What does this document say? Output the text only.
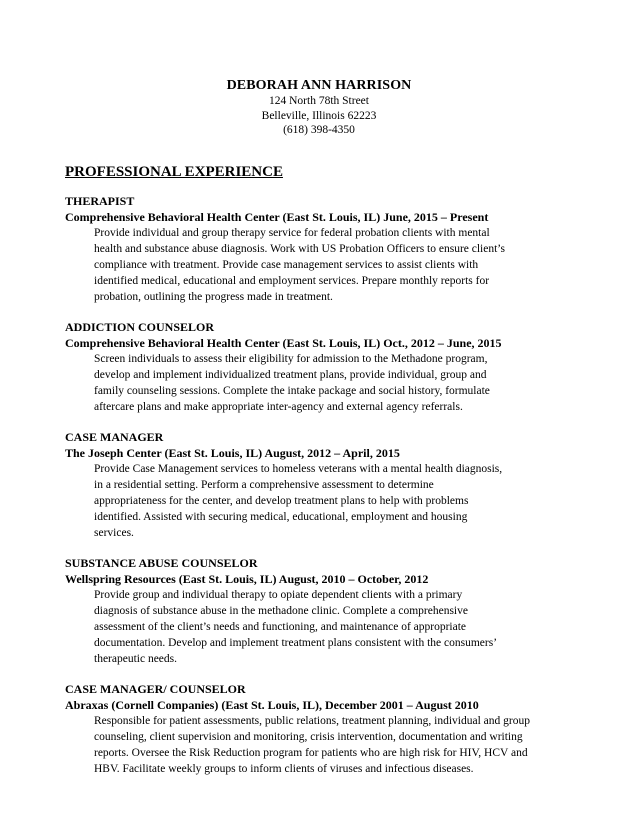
DEBORAH ANN HARRISON
124 North 78th Street
Belleville, Illinois 62223
(618) 398-4350
PROFESSIONAL EXPERIENCE
THERAPIST
Comprehensive Behavioral Health Center (East St. Louis, IL) June, 2015 – Present
Provide individual and group therapy service for federal probation clients with mental
health and substance abuse diagnosis. Work with US Probation Officers to ensure client’s
compliance with treatment. Provide case management services to assist clients with
identified medical, educational and employment services. Prepare monthly reports for
probation, outlining the progress made in treatment.
ADDICTION COUNSELOR
Comprehensive Behavioral Health Center (East St. Louis, IL) Oct., 2012 – June, 2015
Screen individuals to assess their eligibility for admission to the Methadone program,
develop and implement individualized treatment plans, provide individual, group and
family counseling sessions. Complete the intake package and social history, formulate
aftercare plans and make appropriate inter-agency and external agency referrals.
CASE MANAGER
The Joseph Center (East St. Louis, IL) August, 2012 – April, 2015
Provide Case Management services to homeless veterans with a mental health diagnosis,
in a residential setting. Perform a comprehensive assessment to determine
appropriateness for the center, and develop treatment plans to help with problems
identified. Assisted with securing medical, educational, employment and housing
services.
SUBSTANCE ABUSE COUNSELOR
Wellspring Resources (East St. Louis, IL) August, 2010 – October, 2012
Provide group and individual therapy to opiate dependent clients with a primary
diagnosis of substance abuse in the methadone clinic. Complete a comprehensive
assessment of the client’s needs and functioning, and maintenance of appropriate
documentation. Develop and implement treatment plans consistent with the consumers’
therapeutic needs.
CASE MANAGER/ COUNSELOR
Abraxas (Cornell Companies) (East St. Louis, IL), December 2001 – August 2010
Responsible for patient assessments, public relations, treatment planning, individual and group
counseling, client supervision and monitoring, crisis intervention, documentation and writing
reports. Oversee the Risk Reduction program for patients who are high risk for HIV, HCV and
HBV. Facilitate weekly groups to inform clients of viruses and infectious diseases.
